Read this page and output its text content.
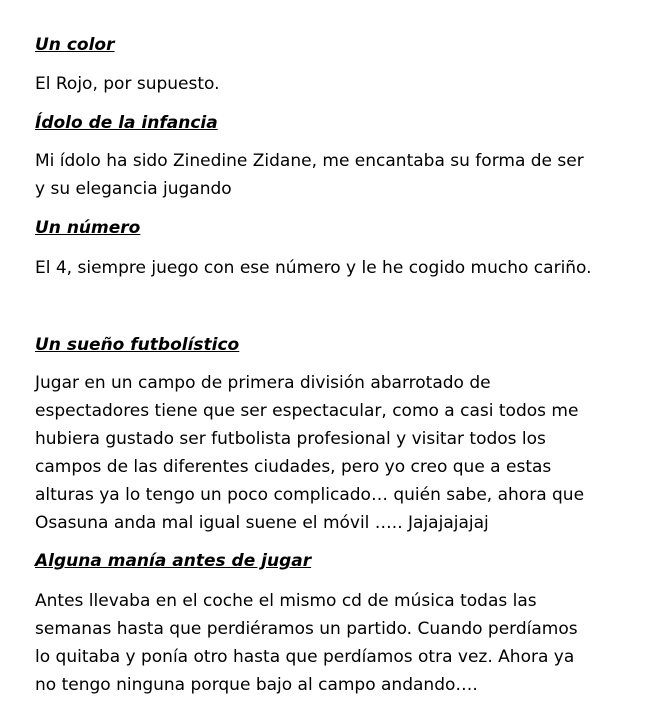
Un color

El Rojo, por supuesto.

Ídolo de la infancia

Mi ídolo ha sido Zinedine Zidane, me encantaba su forma de ser
y su elegancia jugando

Un número

El 4, siempre juego con ese número y le he cogido mucho cariño.

Un sueño futbolístico

Jugar en un campo de primera división abarrotado de
espectadores tiene que ser espectacular, como a casi todos me
hubiera gustado ser futbolista profesional y visitar todos los
campos de las diferentes ciudades, pero yo creo que a estas
alturas ya lo tengo un poco complicado… quién sabe, ahora que
Osasuna anda mal igual suene el móvil ….. Jajajajajaj

Alguna manía antes de jugar

Antes llevaba en el coche el mismo cd de música todas las
semanas hasta que perdiéramos un partido. Cuando perdíamos
lo quitaba y ponía otro hasta que perdíamos otra vez. Ahora ya
no tengo ninguna porque bajo al campo andando….
